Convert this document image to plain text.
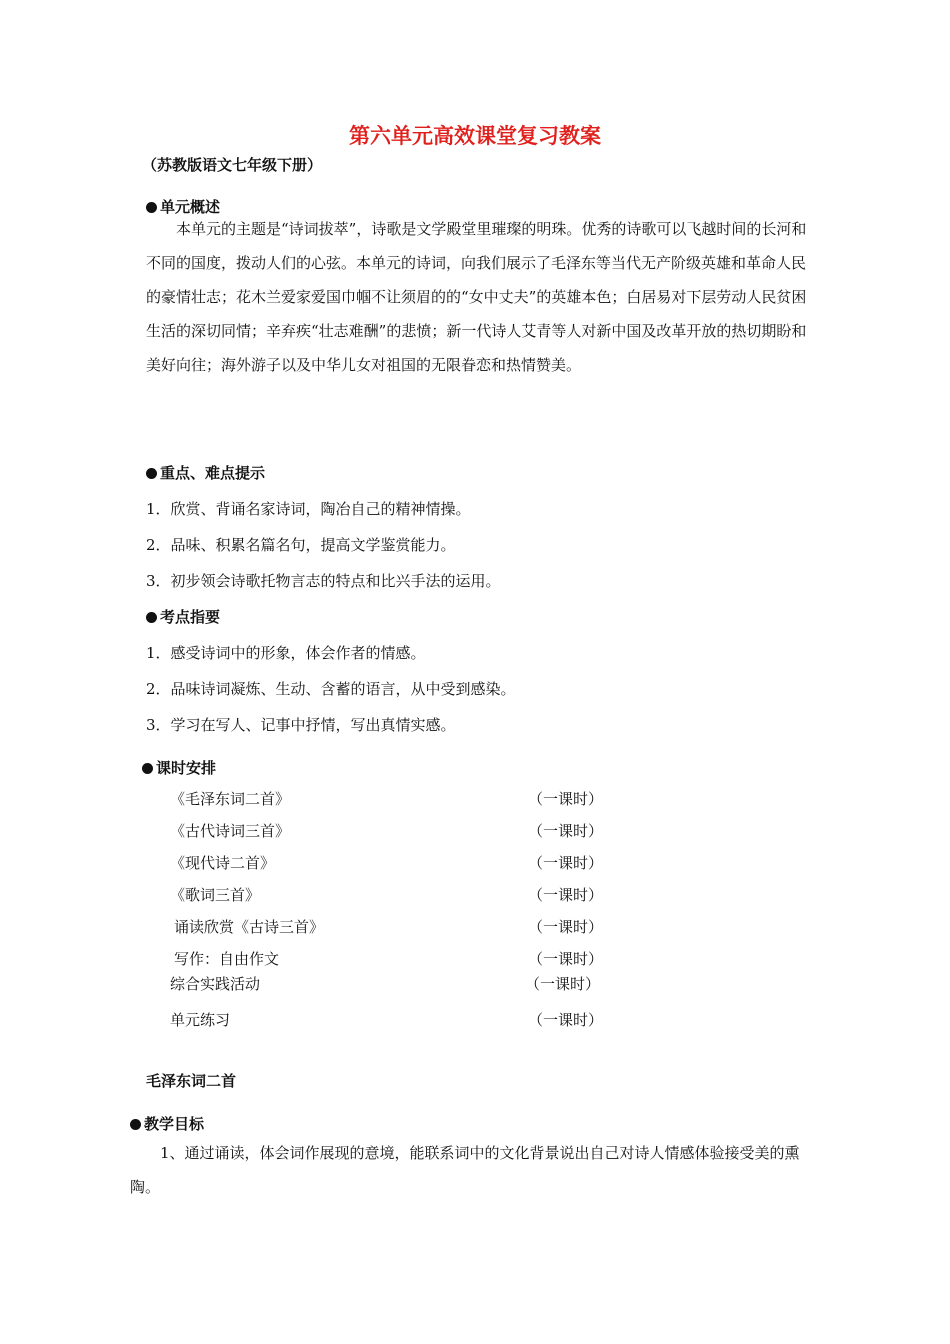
第六单元高效课堂复习教案
（苏教版语文七年级下册）
单元概述
本单元的主题是“诗词拔萃”，诗歌是文学殿堂里璀璨的明珠。优秀的诗歌可以飞越时间的长河和不同的国度，拨动人们的心弦。本单元的诗词，向我们展示了毛泽东等当代无产阶级英雄和革命人民的豪情壮志；花木兰爱家爱国巾帼不让须眉的的“女中丈夫”的英雄本色；白居易对下层劳动人民贫困生活的深切同情；辛弃疾“壮志难酬”的悲愤；新一代诗人艾青等人对新中国及改革开放的热切期盼和美好向往；海外游子以及中华儿女对祖国的无限眷恋和热情赞美。
重点、难点提示
1．欣赏、背诵名家诗词，陶冶自己的精神情操。
2．品味、积累名篇名句，提高文学鉴赏能力。
3．初步领会诗歌托物言志的特点和比兴手法的运用。
考点指要
1．感受诗词中的形象，体会作者的情感。
2．品味诗词凝炼、生动、含蓄的语言，从中受到感染。
3．学习在写人、记事中抒情，写出真情实感。
课时安排
《毛泽东词二首》	（一课时）
《古代诗词三首》	（一课时）
《现代诗二首》	（一课时）
《歌词三首》	（一课时）
诵读欣赏《古诗三首》	（一课时）
写作：自由作文	（一课时）
综合实践活动	（一课时）
单元练习	（一课时）
毛泽东词二首
教学目标
1、通过诵读，体会词作展现的意境，能联系词中的文化背景说出自己对诗人情感体验接受美的熏陶。
